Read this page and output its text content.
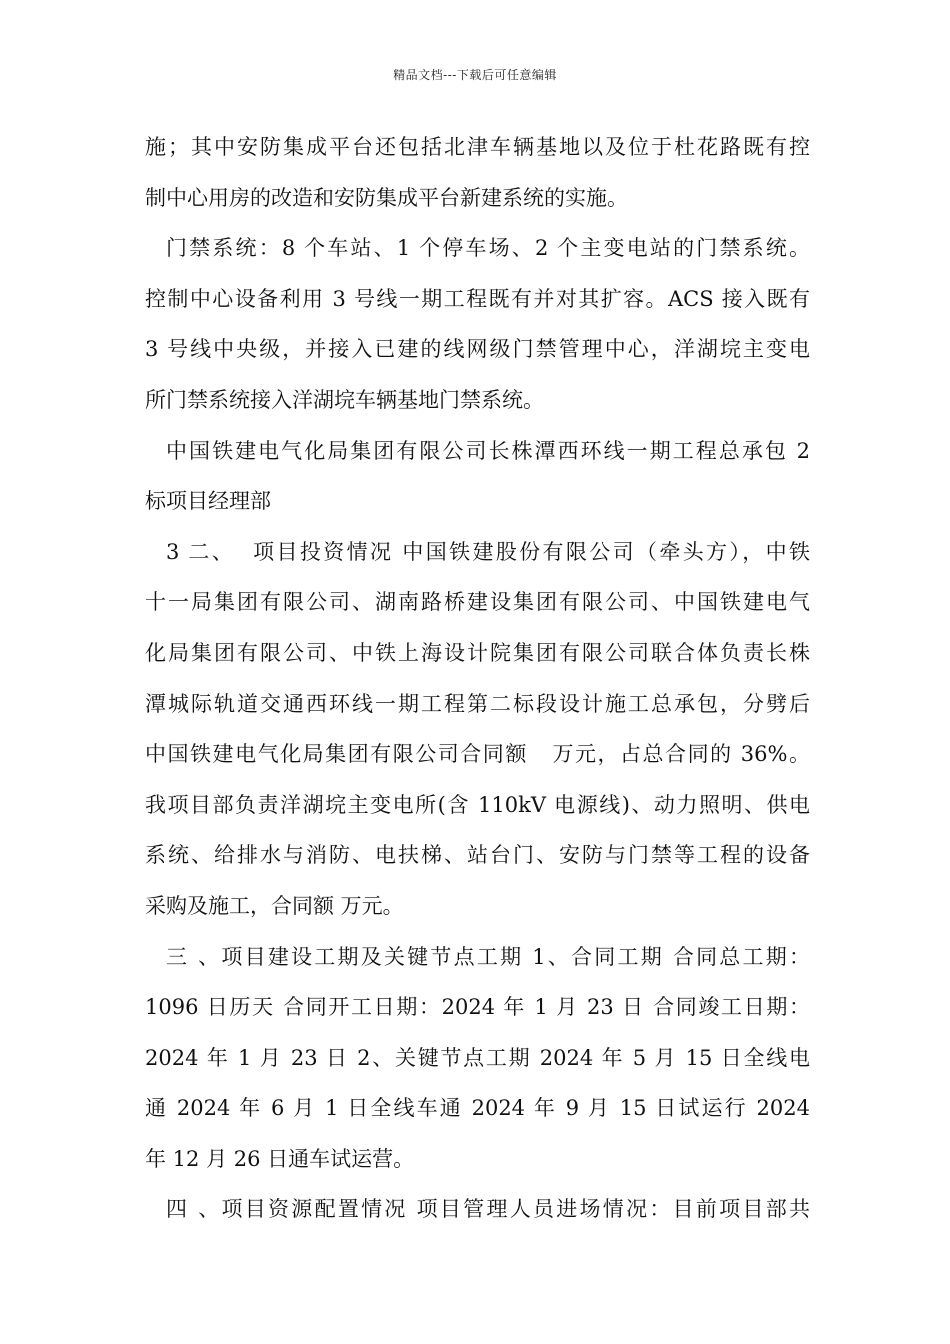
精品文档---下载后可任意编辑
施；其中安防集成平台还包括北津车辆基地以及位于杜花路既有控
制中心用房的改造和安防集成平台新建系统的实施。
门禁系统：8 个车站、1 个停车场、2 个主变电站的门禁系统。
控制中心设备利用 3 号线一期工程既有并对其扩容。ACS 接入既有
3 号线中央级，并接入已建的线网级门禁管理中心，洋湖垸主变电
所门禁系统接入洋湖垸车辆基地门禁系统。
中国铁建电气化局集团有限公司长株潭西环线一期工程总承包 2
标项目经理部
3 二、  项目投资情况 中国铁建股份有限公司（牵头方），中铁
十一局集团有限公司、湖南路桥建设集团有限公司、中国铁建电气
化局集团有限公司、中铁上海设计院集团有限公司联合体负责长株
潭城际轨道交通西环线一期工程第二标段设计施工总承包，分劈后
中国铁建电气化局集团有限公司合同额   万元，占总合同的 36%。
我项目部负责洋湖垸主变电所(含 110kV 电源线)、动力照明、供电
系统、给排水与消防、电扶梯、站台门、安防与门禁等工程的设备
采购及施工，合同额 万元。
三 、项目建设工期及关键节点工期 1、合同工期 合同总工期：
1096 日历天 合同开工日期：2024 年 1 月 23 日 合同竣工日期：
2024 年 1 月 23 日 2、关键节点工期 2024 年 5 月 15 日全线电
通 2024 年 6 月 1 日全线车通 2024 年 9 月 15 日试运行 2024
年 12 月 26 日通车试运营。
四 、项目资源配置情况 项目管理人员进场情况：目前项目部共
